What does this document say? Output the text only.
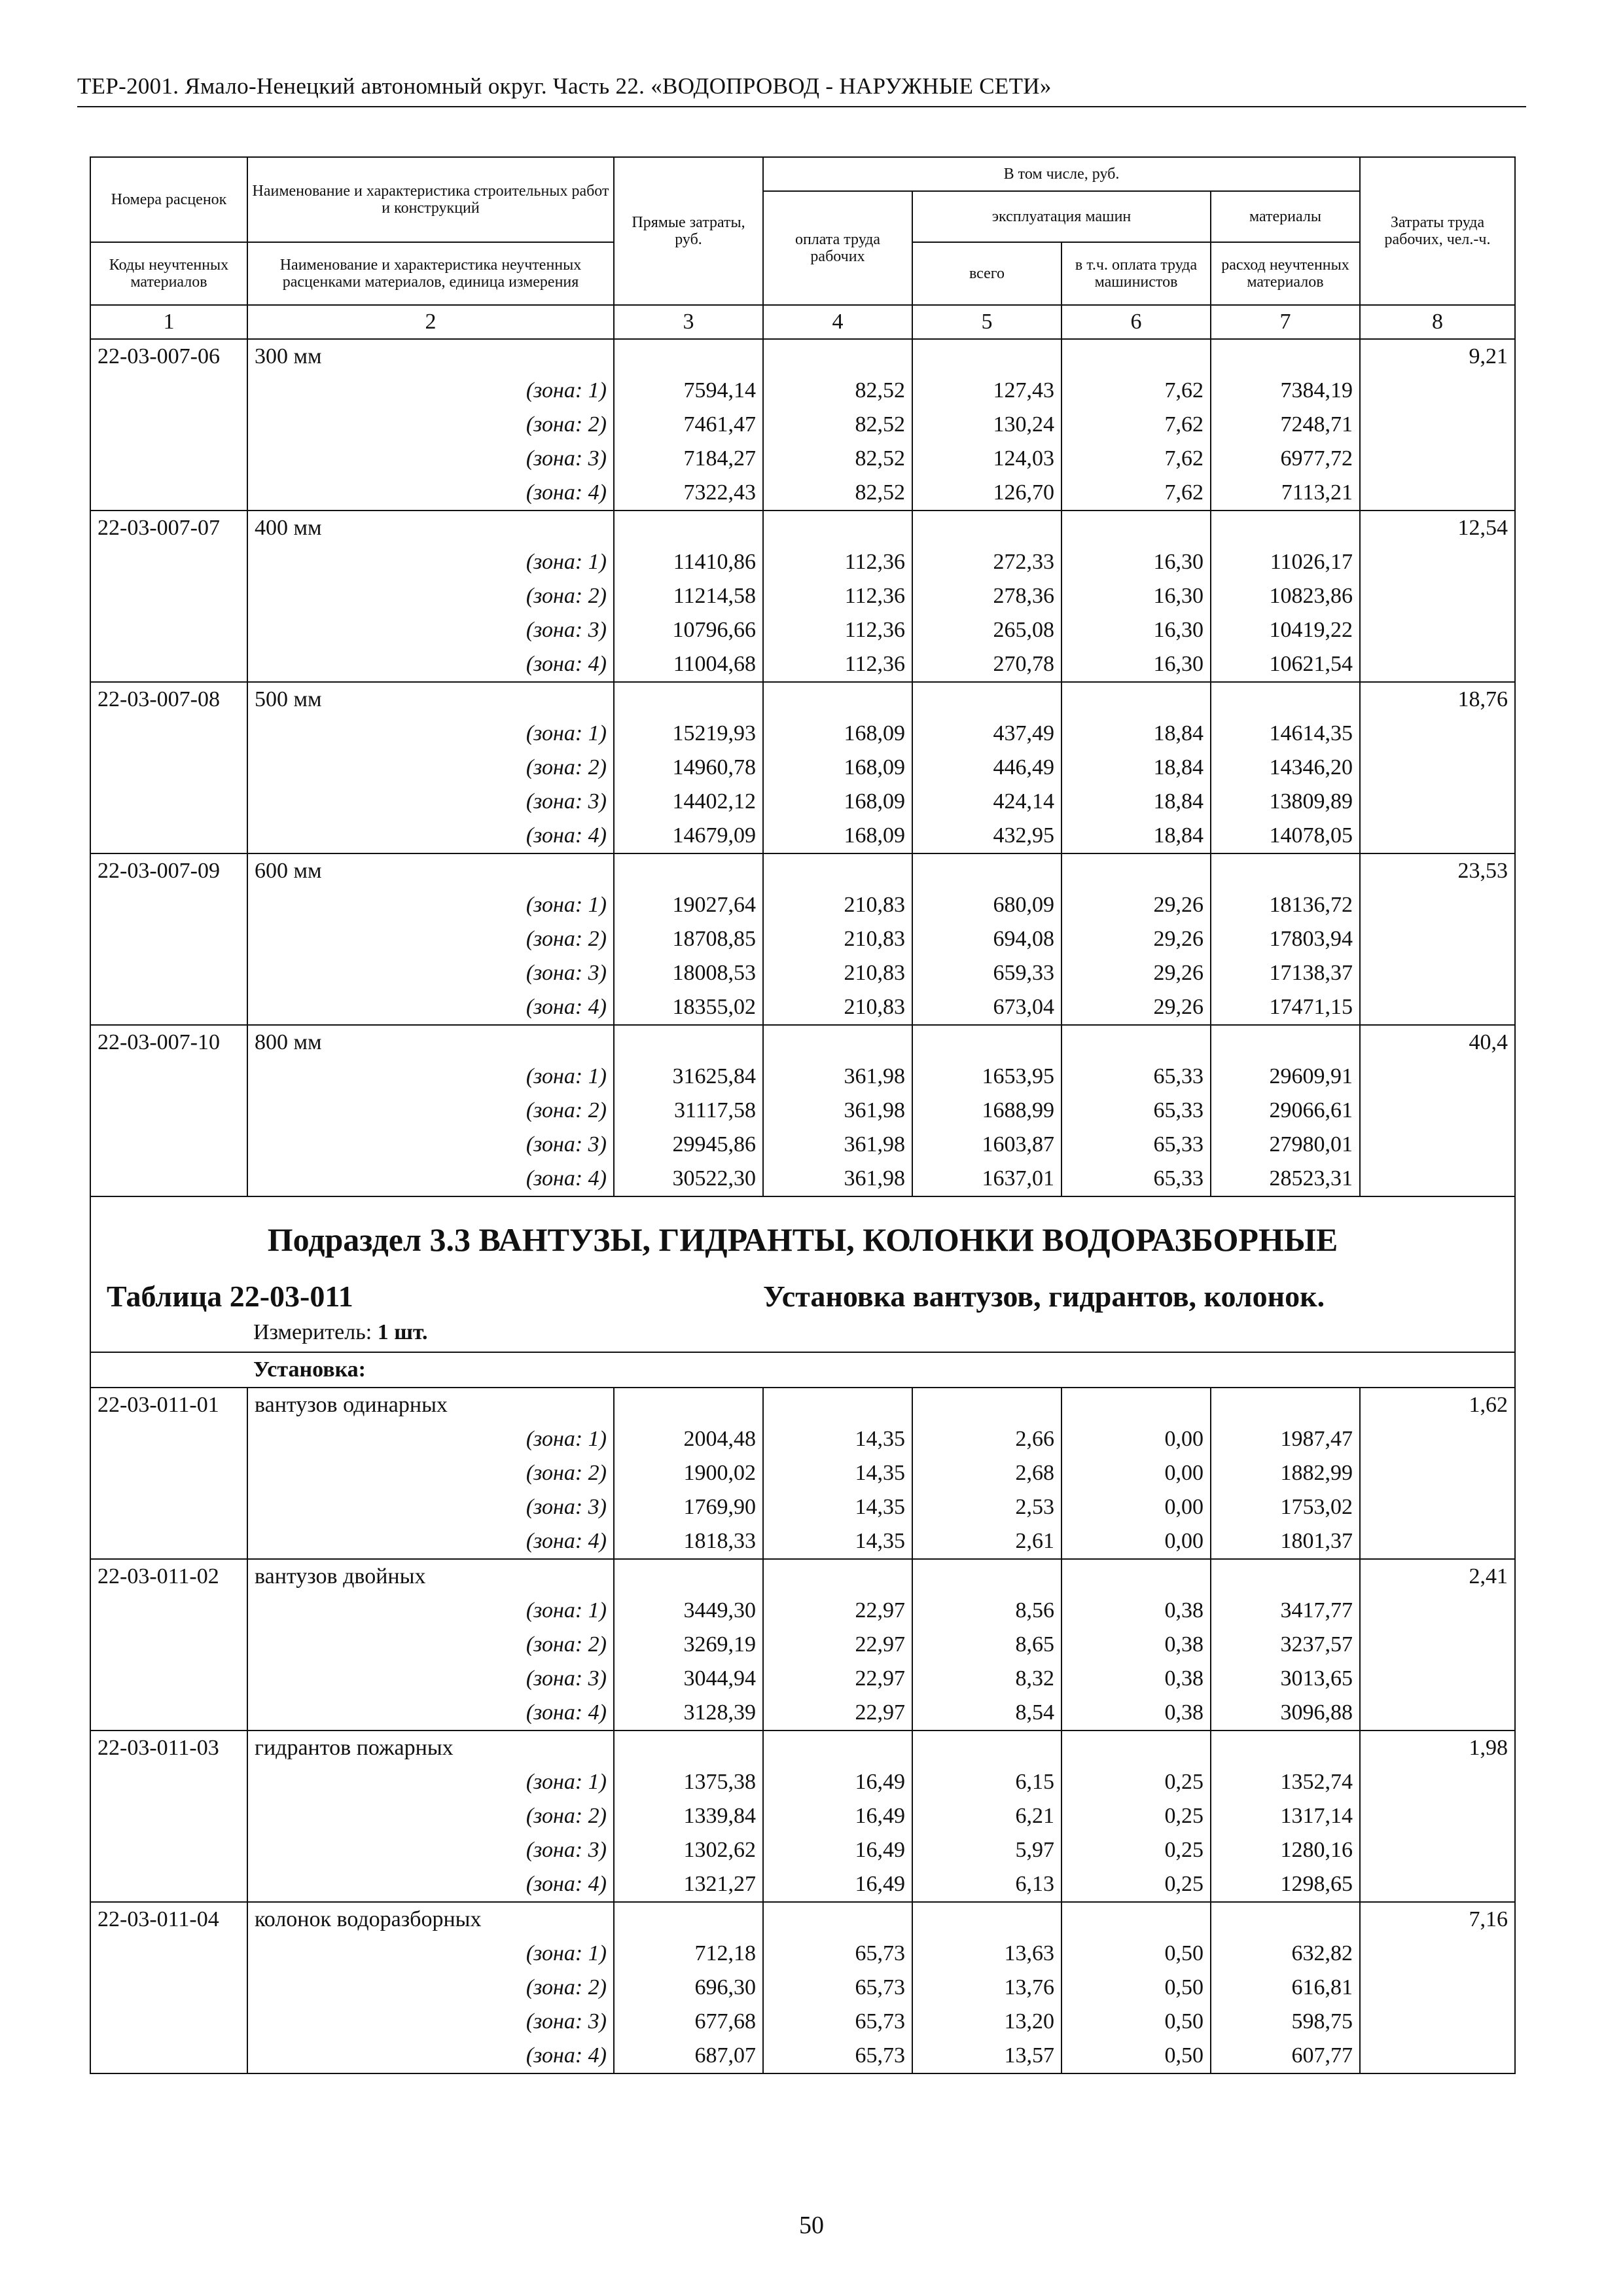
ТЕР-2001. Ямало-Ненецкий автономный округ. Часть 22. «ВОДОПРОВОД - НАРУЖНЫЕ СЕТИ»
Номера расценок	Наименование и характеристика строительных работ и конструкций	Прямые затраты, руб.	В том числе, руб.				Затраты труда рабочих, чел.-ч.
			оплата труда рабочих	эксплуатация машин		материалы	
Коды неучтенных материалов	Наименование и характеристика неучтенных расценками материалов, единица измерения			всего	в т.ч. оплата труда машинистов	расход неучтенных материалов	
1	2	3	4	5	6	7	8
22-03-007-06	300 мм						9,21
	(зона: 1)	7594,14	82,52	127,43	7,62	7384,19	
	(зона: 2)	7461,47	82,52	130,24	7,62	7248,71	
	(зона: 3)	7184,27	82,52	124,03	7,62	6977,72	
	(зона: 4)	7322,43	82,52	126,70	7,62	7113,21	
22-03-007-07	400 мм						12,54
	(зона: 1)	11410,86	112,36	272,33	16,30	11026,17	
	(зона: 2)	11214,58	112,36	278,36	16,30	10823,86	
	(зона: 3)	10796,66	112,36	265,08	16,30	10419,22	
	(зона: 4)	11004,68	112,36	270,78	16,30	10621,54	
22-03-007-08	500 мм						18,76
	(зона: 1)	15219,93	168,09	437,49	18,84	14614,35	
	(зона: 2)	14960,78	168,09	446,49	18,84	14346,20	
	(зона: 3)	14402,12	168,09	424,14	18,84	13809,89	
	(зона: 4)	14679,09	168,09	432,95	18,84	14078,05	
22-03-007-09	600 мм						23,53
	(зона: 1)	19027,64	210,83	680,09	29,26	18136,72	
	(зона: 2)	18708,85	210,83	694,08	29,26	17803,94	
	(зона: 3)	18008,53	210,83	659,33	29,26	17138,37	
	(зона: 4)	18355,02	210,83	673,04	29,26	17471,15	
22-03-007-10	800 мм						40,4
	(зона: 1)	31625,84	361,98	1653,95	65,33	29609,91	
	(зона: 2)	31117,58	361,98	1688,99	65,33	29066,61	
	(зона: 3)	29945,86	361,98	1603,87	65,33	27980,01	
	(зона: 4)	30522,30	361,98	1637,01	65,33	28523,31	
Подраздел 3.3 ВАНТУЗЫ, ГИДРАНТЫ, КОЛОНКИ ВОДОРАЗБОРНЫЕ							
Таблица 22-03-011			Установка вантузов, гидрантов, колонок.				
Измеритель: 1 шт.							
Установка:							
22-03-011-01	вантузов одинарных						1,62
	(зона: 1)	2004,48	14,35	2,66	0,00	1987,47	
	(зона: 2)	1900,02	14,35	2,68	0,00	1882,99	
	(зона: 3)	1769,90	14,35	2,53	0,00	1753,02	
	(зона: 4)	1818,33	14,35	2,61	0,00	1801,37	
22-03-011-02	вантузов двойных						2,41
	(зона: 1)	3449,30	22,97	8,56	0,38	3417,77	
	(зона: 2)	3269,19	22,97	8,65	0,38	3237,57	
	(зона: 3)	3044,94	22,97	8,32	0,38	3013,65	
	(зона: 4)	3128,39	22,97	8,54	0,38	3096,88	
22-03-011-03	гидрантов пожарных						1,98
	(зона: 1)	1375,38	16,49	6,15	0,25	1352,74	
	(зона: 2)	1339,84	16,49	6,21	0,25	1317,14	
	(зона: 3)	1302,62	16,49	5,97	0,25	1280,16	
	(зона: 4)	1321,27	16,49	6,13	0,25	1298,65	
22-03-011-04	колонок водоразборных						7,16
	(зона: 1)	712,18	65,73	13,63	0,50	632,82	
	(зона: 2)	696,30	65,73	13,76	0,50	616,81	
	(зона: 3)	677,68	65,73	13,20	0,50	598,75	
	(зона: 4)	687,07	65,73	13,57	0,50	607,77	
50
